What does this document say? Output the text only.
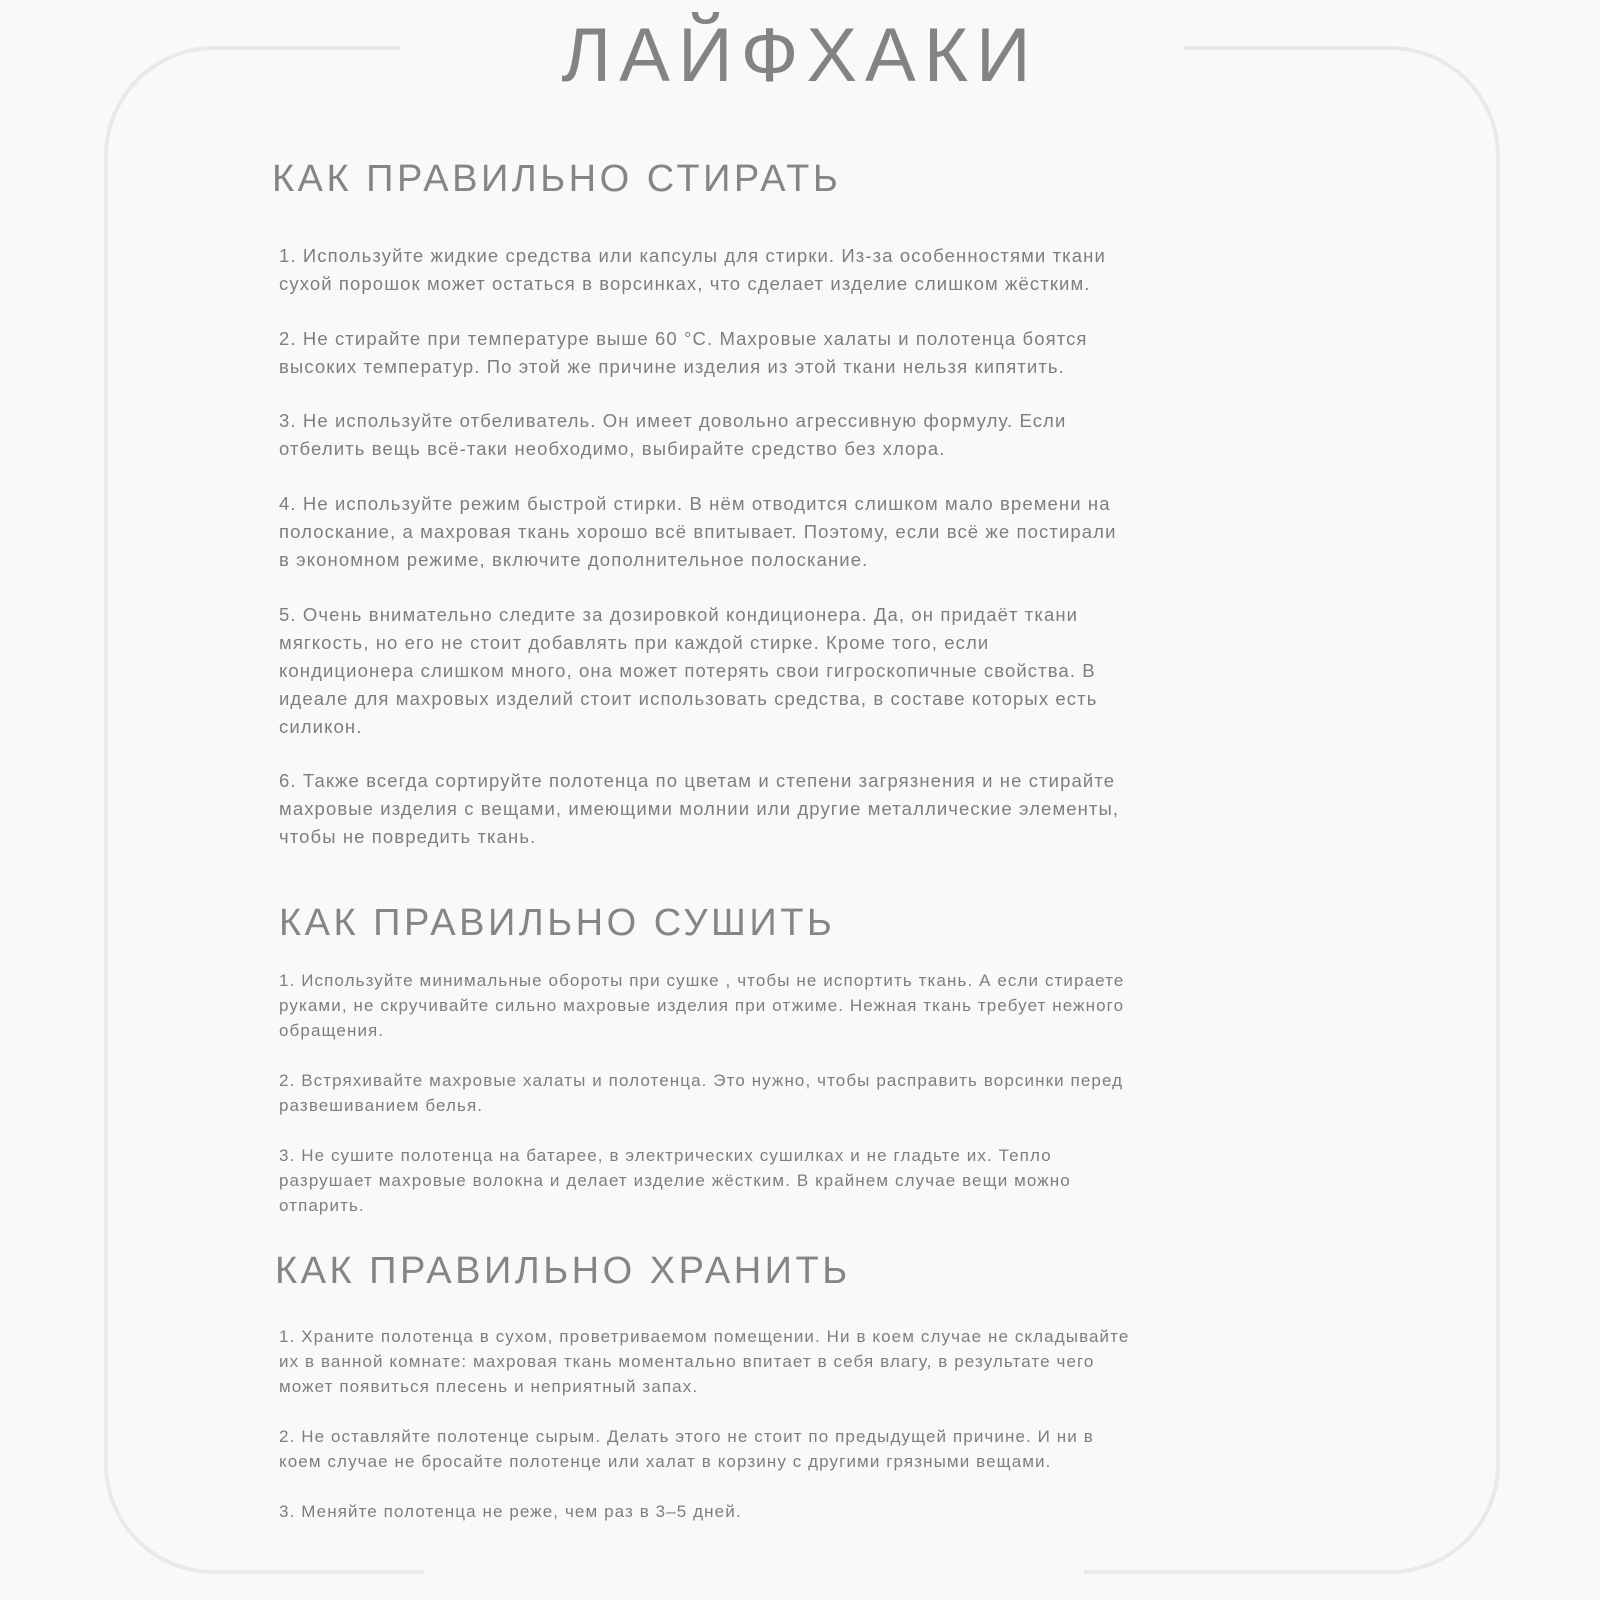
ЛАЙФХАКИ
КАК ПРАВИЛЬНО СТИРАТЬ

1. Используйте жидкие средства или капсулы для стирки. Из-за особенностями ткани
сухой порошок может остаться в ворсинках, что сделает изделие слишком жёстким.

2. Не стирайте при температуре выше 60 °С. Махровые халаты и полотенца боятся
высоких температур. По этой же причине изделия из этой ткани нельзя кипятить.

3. Не используйте отбеливатель. Он имеет довольно агрессивную формулу. Если
отбелить вещь всё-таки необходимо, выбирайте средство без хлора.

4. Не используйте режим быстрой стирки. В нём отводится слишком мало времени на
полоскание, а махровая ткань хорошо всё впитывает. Поэтому, если всё же постирали
в экономном режиме, включите дополнительное полоскание.

5. Очень внимательно следите за дозировкой кондиционера. Да, он придаёт ткани
мягкость, но его не стоит добавлять при каждой стирке. Кроме того, если
кондиционера слишком много, она может потерять свои гигроскопичные свойства. В
идеале для махровых изделий стоит использовать средства, в составе которых есть
силикон.

6. Также всегда сортируйте полотенца по цветам и степени загрязнения и не стирайте
махровые изделия с вещами, имеющими молнии или другие металлические элементы,
чтобы не повредить ткань.

КАК ПРАВИЛЬНО СУШИТЬ

1. Используйте минимальные обороты при сушке , чтобы не испортить ткань. А если стираете
руками, не скручивайте сильно махровые изделия при отжиме. Нежная ткань требует нежного
обращения.

2. Встряхивайте махровые халаты и полотенца. Это нужно, чтобы расправить ворсинки перед
развешиванием белья.

3. Не сушите полотенца на батарее, в электрических сушилках и не гладьте их. Тепло
разрушает махровые волокна и делает изделие жёстким. В крайнем случае вещи можно
отпарить.

КАК ПРАВИЛЬНО ХРАНИТЬ

1. Храните полотенца в сухом, проветриваемом помещении. Ни в коем случае не складывайте
их в ванной комнате: махровая ткань моментально впитает в себя влагу, в результате чего
может появиться плесень и неприятный запах.

2. Не оставляйте полотенце сырым. Делать этого не стоит по предыдущей причине. И ни в
коем случае не бросайте полотенце или халат в корзину с другими грязными вещами.

3. Меняйте полотенца не реже, чем раз в 3–5 дней.
